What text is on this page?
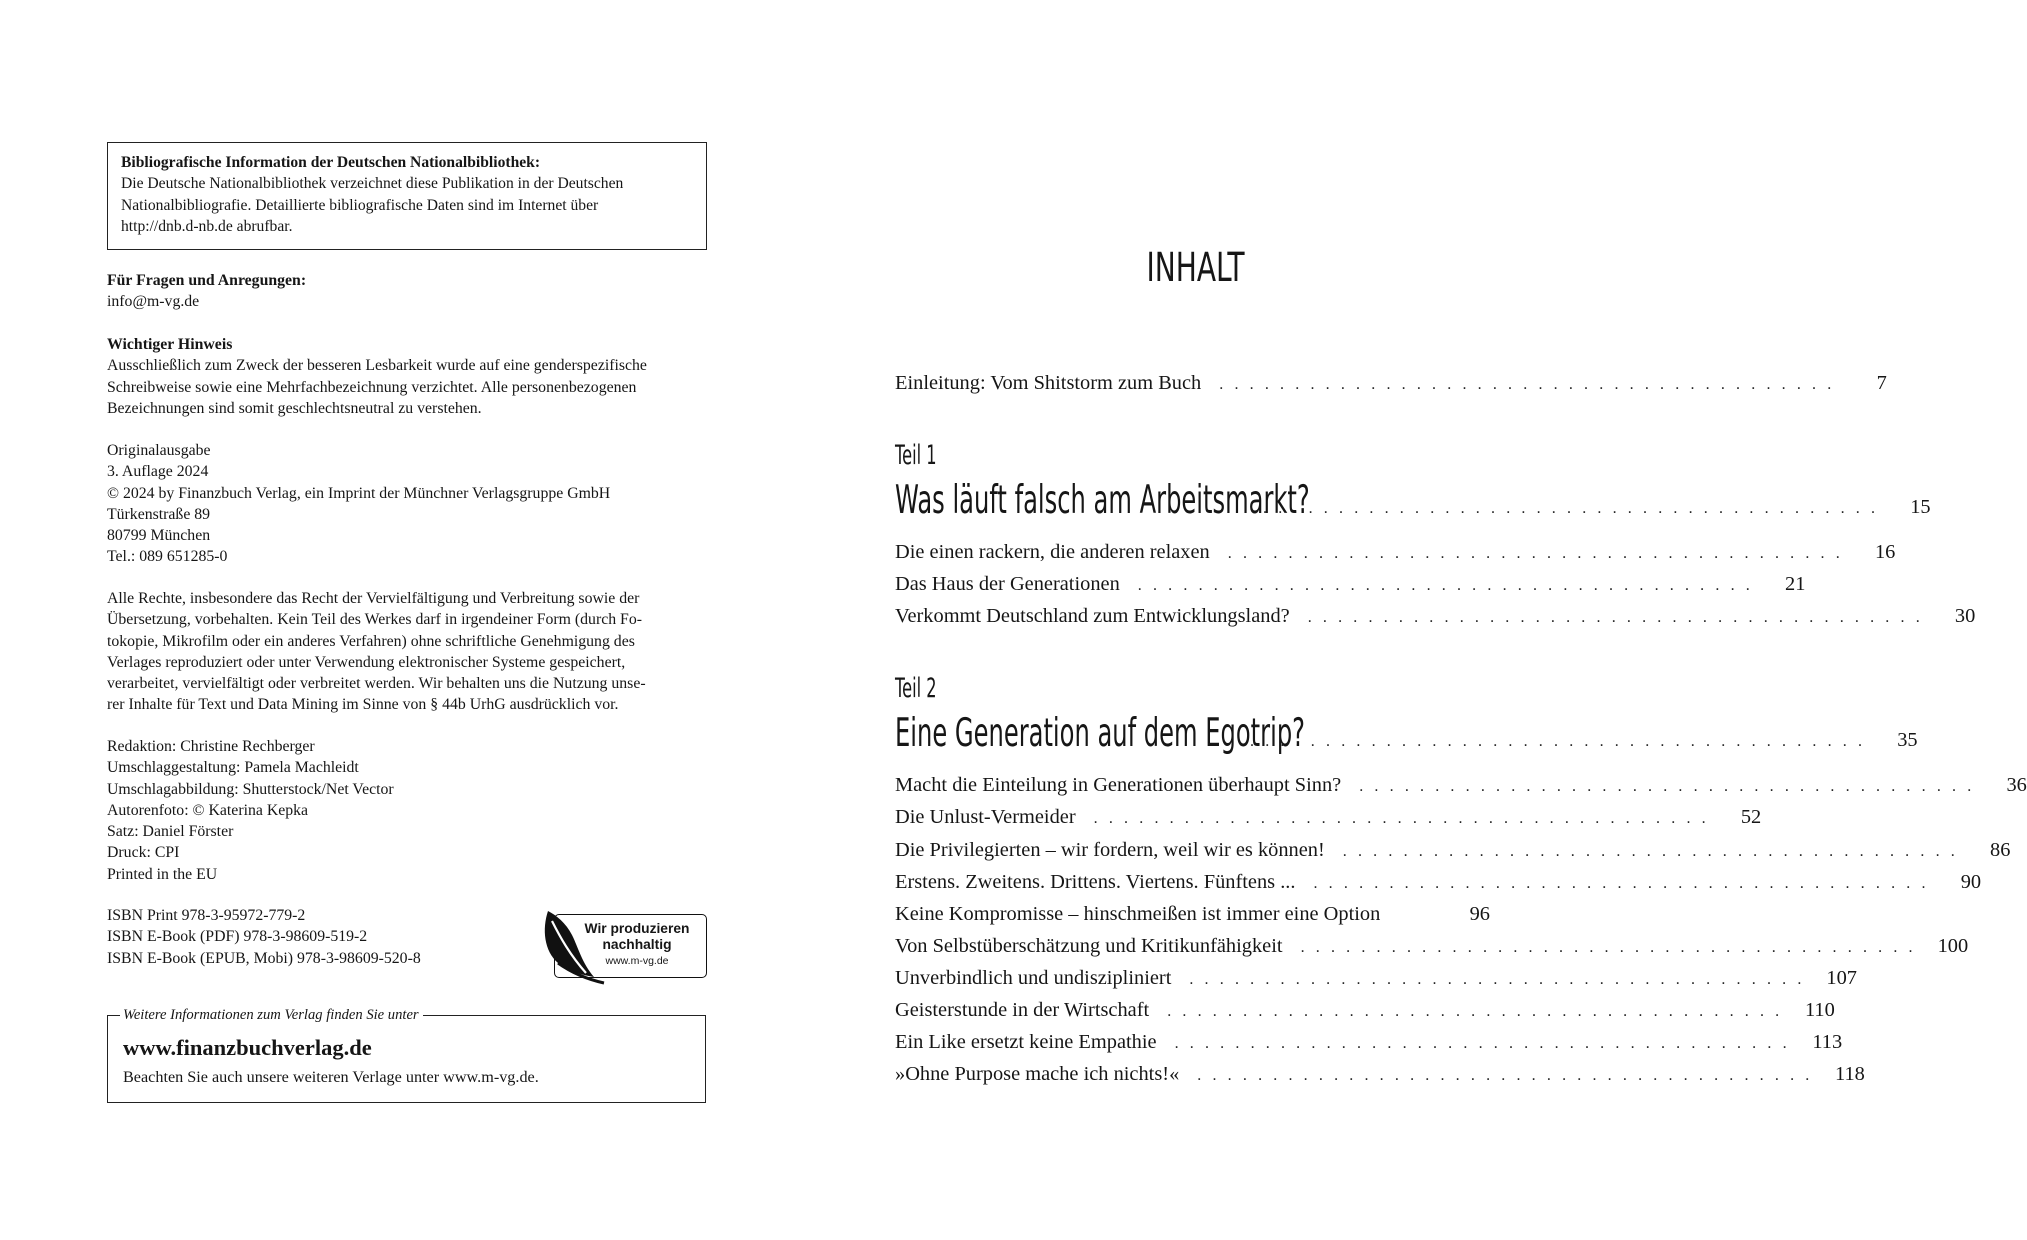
Bibliografische Information der Deutschen Nationalbibliothek:
Die Deutsche Nationalbibliothek verzeichnet diese Publikation in der Deutschen
Nationalbibliografie. Detaillierte bibliografische Daten sind im Internet über
http://dnb.d-nb.de abrufbar.
Für Fragen und Anregungen:
info@m-vg.de
Wichtiger Hinweis
Ausschließlich zum Zweck der besseren Lesbarkeit wurde auf eine genderspezifische
Schreibweise sowie eine Mehrfachbezeichnung verzichtet. Alle personenbezogenen
Bezeichnungen sind somit geschlechtsneutral zu verstehen.
Originalausgabe
3. Auflage 2024
© 2024 by Finanzbuch Verlag, ein Imprint der Münchner Verlagsgruppe GmbH
Türkenstraße 89
80799 München
Tel.: 089 651285-0
Alle Rechte, insbesondere das Recht der Vervielfältigung und Verbreitung sowie der
Übersetzung, vorbehalten. Kein Teil des Werkes darf in irgendeiner Form (durch Fo-
tokopie, Mikrofilm oder ein anderes Verfahren) ohne schriftliche Genehmigung des
Verlages reproduziert oder unter Verwendung elektronischer Systeme gespeichert,
verarbeitet, vervielfältigt oder verbreitet werden. Wir behalten uns die Nutzung unse-
rer Inhalte für Text und Data Mining im Sinne von § 44b UrhG ausdrücklich vor.
Redaktion: Christine Rechberger
Umschlaggestaltung: Pamela Machleidt
Umschlagabbildung: Shutterstock/Net Vector
Autorenfoto: © Katerina Kepka
Satz: Daniel Förster
Druck: CPI
Printed in the EU
ISBN Print 978-3-95972-779-2
ISBN E-Book (PDF) 978-3-98609-519-2
ISBN E-Book (EPUB, Mobi) 978-3-98609-520-8
Wir produzieren
nachhaltig
www.m-vg.de
Weitere Informationen zum Verlag finden Sie unter
www.finanzbuchverlag.de
Beachten Sie auch unsere weiteren Verlage unter www.m-vg.de.
INHALT
Einleitung: Vom Shitstorm zum Buch	. . . . . . . . . . . . . . . . . . . . . . . . . . . . . . . . . . . . . . . . .	7
Teil 1
Was läuft falsch am Arbeitsmarkt?
. . . . . . . . . . . . . . . . . . . . . . . . . . . . . . . . . . . . . . . . .	15
Die einen rackern, die anderen relaxen	. . . . . . . . . . . . . . . . . . . . . . . . . . . . . . . . . . . . . . . . .	16
Das Haus der Generationen	. . . . . . . . . . . . . . . . . . . . . . . . . . . . . . . . . . . . . . . . .	21
Verkommt Deutschland zum Entwicklungsland?	. . . . . . . . . . . . . . . . . . . . . . . . . . . . . . . . . . . . . . . . .	30
Teil 2
Eine Generation auf dem Egotrip?
. . . . . . . . . . . . . . . . . . . . . . . . . . . . . . . . . . . . . . . . .	35
Macht die Einteilung in Generationen überhaupt Sinn?	. . . . . . . . . . . . . . . . . . . . . . . . . . . . . . . . . . . . . . . . .	36
Die Unlust-Vermeider	. . . . . . . . . . . . . . . . . . . . . . . . . . . . . . . . . . . . . . . . .	52
Die Privilegierten – wir fordern, weil wir es können!	. . . . . . . . . . . . . . . . . . . . . . . . . . . . . . . . . . . . . . . . .	86
Erstens. Zweitens. Drittens. Viertens. Fünftens ...	. . . . . . . . . . . . . . . . . . . . . . . . . . . . . . . . . . . . . . . . .	90
Keine Kompromisse – hinschmeißen ist immer eine Option	96
Von Selbstüberschätzung und Kritikunfähigkeit	. . . . . . . . . . . . . . . . . . . . . . . . . . . . . . . . . . . . . . . . .	100
Unverbindlich und undiszipliniert	. . . . . . . . . . . . . . . . . . . . . . . . . . . . . . . . . . . . . . . . .	107
Geisterstunde in der Wirtschaft	. . . . . . . . . . . . . . . . . . . . . . . . . . . . . . . . . . . . . . . . .	110
Ein Like ersetzt keine Empathie	. . . . . . . . . . . . . . . . . . . . . . . . . . . . . . . . . . . . . . . . .	113
»Ohne Purpose mache ich nichts!«	. . . . . . . . . . . . . . . . . . . . . . . . . . . . . . . . . . . . . . . . .	118
